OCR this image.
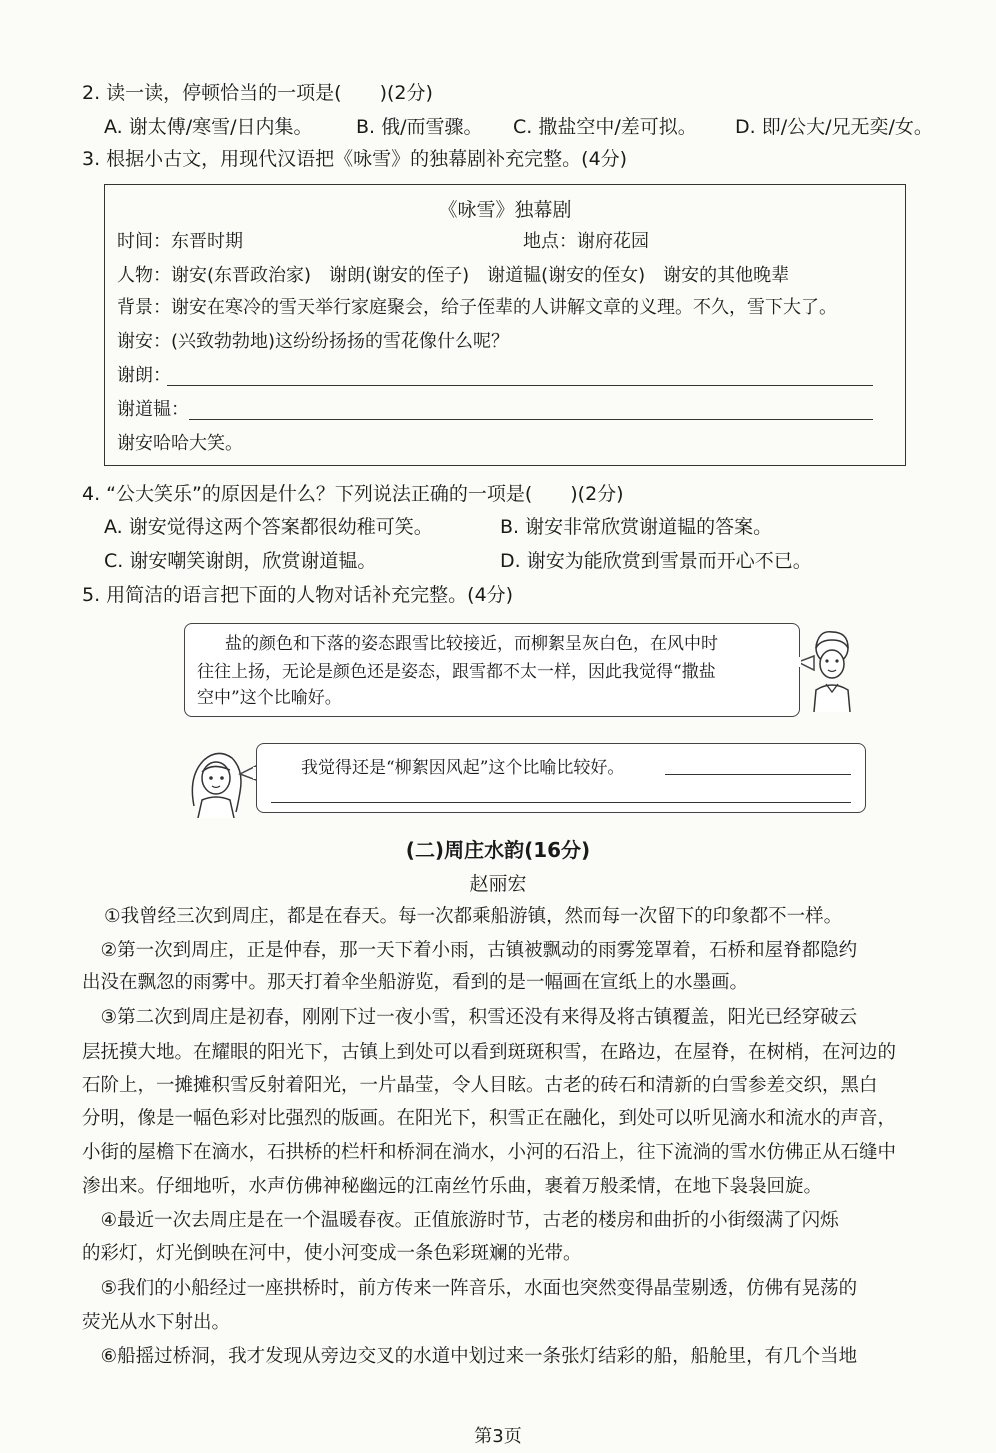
2. 读一读，停顿恰当的一项是(　　)(2分)
A. 谢太傅/寒雪/日内集。 B. 俄/而雪骤。 C. 撒盐空中/差可拟。 D. 即/公大/兄无奕/女。
3. 根据小古文，用现代汉语把《咏雪》的独幕剧补充完整。(4分)
《咏雪》独幕剧
时间：东晋时期	地点：谢府花园
人物：谢安(东晋政治家)　谢朗(谢安的侄子)　谢道韫(谢安的侄女)　谢安的其他晚辈
背景：谢安在寒冷的雪天举行家庭聚会，给子侄辈的人讲解文章的义理。不久，雪下大了。
谢安：(兴致勃勃地)这纷纷扬扬的雪花像什么呢？
谢朗：
谢道韫：
谢安哈哈大笑。
4. “公大笑乐”的原因是什么？下列说法正确的一项是(　　)(2分)
A. 谢安觉得这两个答案都很幼稚可笑。	B. 谢安非常欣赏谢道韫的答案。
C. 谢安嘲笑谢朗，欣赏谢道韫。	D. 谢安为能欣赏到雪景而开心不已。
5. 用简洁的语言把下面的人物对话补充完整。(4分)
盐的颜色和下落的姿态跟雪比较接近，而柳絮呈灰白色，在风中时
往往上扬，无论是颜色还是姿态，跟雪都不太一样，因此我觉得“撒盐
空中”这个比喻好。
我觉得还是“柳絮因风起”这个比喻比较好。
(二)周庄水韵(16分)
赵丽宏
①我曾经三次到周庄，都是在春天。每一次都乘船游镇，然而每一次留下的印象都不一样。
　②第一次到周庄，正是仲春，那一天下着小雨，古镇被飘动的雨雾笼罩着，石桥和屋脊都隐约
出没在飘忽的雨雾中。那天打着伞坐船游览，看到的是一幅画在宣纸上的水墨画。
　③第二次到周庄是初春，刚刚下过一夜小雪，积雪还没有来得及将古镇覆盖，阳光已经穿破云
层抚摸大地。在耀眼的阳光下，古镇上到处可以看到斑斑积雪，在路边，在屋脊，在树梢，在河边的
石阶上，一摊摊积雪反射着阳光，一片晶莹，令人目眩。古老的砖石和清新的白雪参差交织，黑白
分明，像是一幅色彩对比强烈的版画。在阳光下，积雪正在融化，到处可以听见滴水和流水的声音，
小街的屋檐下在滴水，石拱桥的栏杆和桥洞在淌水，小河的石沿上，往下流淌的雪水仿佛正从石缝中
渗出来。仔细地听，水声仿佛神秘幽远的江南丝竹乐曲，裹着万般柔情，在地下袅袅回旋。
　④最近一次去周庄是在一个温暖春夜。正值旅游时节，古老的楼房和曲折的小街缀满了闪烁
的彩灯，灯光倒映在河中，使小河变成一条色彩斑斓的光带。
　⑤我们的小船经过一座拱桥时，前方传来一阵音乐，水面也突然变得晶莹剔透，仿佛有晃荡的
荧光从水下射出。
　⑥船摇过桥洞，我才发现从旁边交叉的水道中划过来一条张灯结彩的船，船舱里，有几个当地
第3页
